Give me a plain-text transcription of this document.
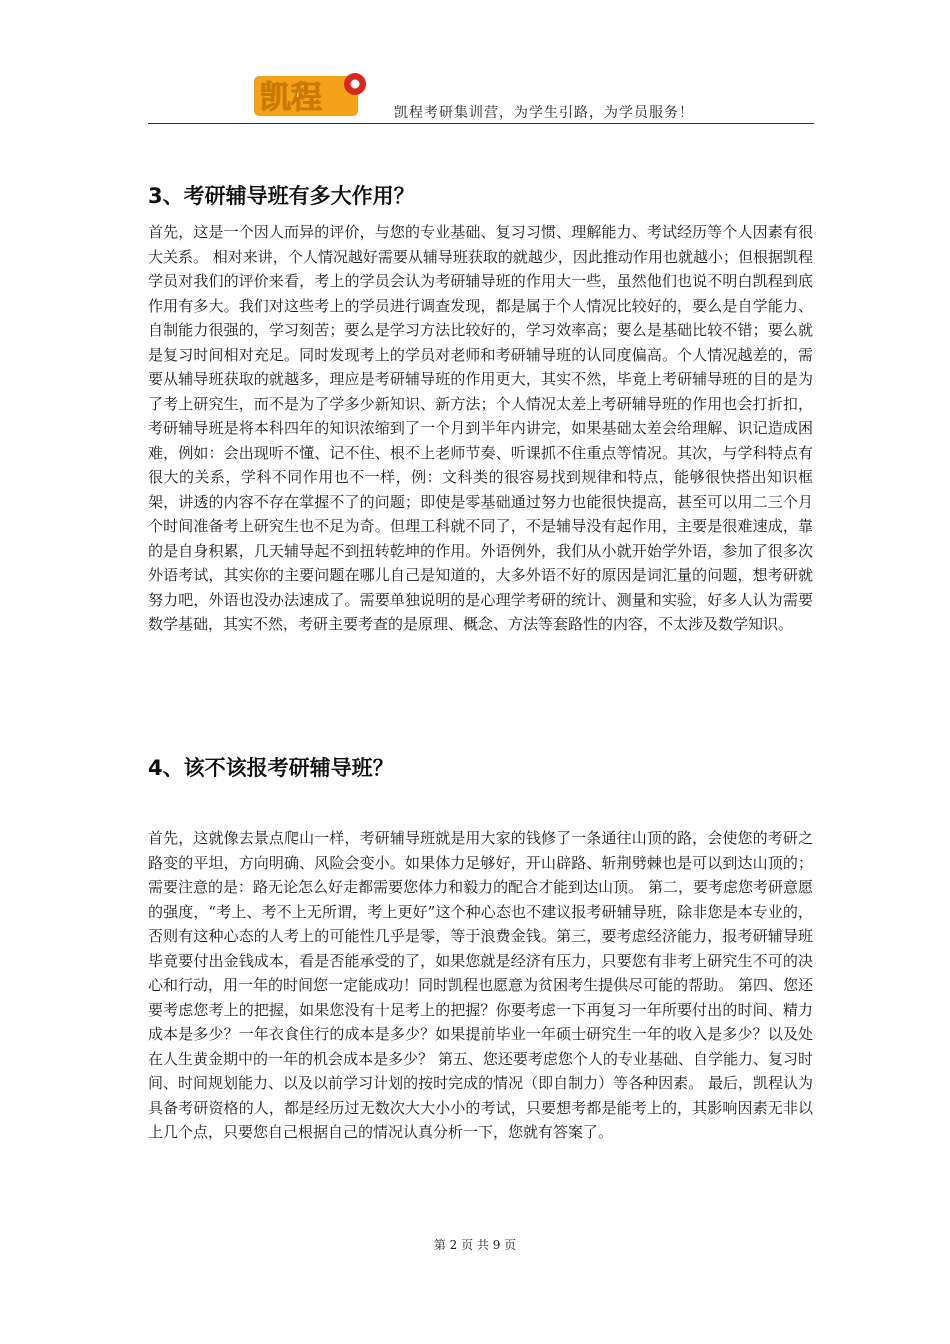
凯程	凯程考研集训营，为学生引路，为学员服务！
3、考研辅导班有多大作用？

首先，这是一个因人而异的评价，与您的专业基础、复习习惯、理解能力、考试经历等个人因素有很大关系。 相对来讲，个人情况越好需要从辅导班获取的就越少，因此推动作用也就越小；但根据凯程学员对我们的评价来看，考上的学员会认为考研辅导班的作用大一些，虽然他们也说不明白凯程到底作用有多大。我们对这些考上的学员进行调查发现，都是属于个人情况比较好的，要么是自学能力、自制能力很强的，学习刻苦；要么是学习方法比较好的，学习效率高；要么是基础比较不错；要么就是复习时间相对充足。同时发现考上的学员对老师和考研辅导班的认同度偏高。个人情况越差的，需要从辅导班获取的就越多，理应是考研辅导班的作用更大，其实不然，毕竟上考研辅导班的目的是为了考上研究生，而不是为了学多少新知识、新方法；个人情况太差上考研辅导班的作用也会打折扣，考研辅导班是将本科四年的知识浓缩到了一个月到半年内讲完，如果基础太差会给理解、识记造成困难，例如：会出现听不懂、记不住、根不上老师节奏、听课抓不住重点等情况。其次，与学科特点有很大的关系，学科不同作用也不一样，例：文科类的很容易找到规律和特点，能够很快搭出知识框架，讲透的内容不存在掌握不了的问题；即使是零基础通过努力也能很快提高，甚至可以用二三个月个时间准备考上研究生也不足为奇。但理工科就不同了，不是辅导没有起作用，主要是很难速成，靠的是自身积累，几天辅导起不到扭转乾坤的作用。外语例外，我们从小就开始学外语，参加了很多次外语考试，其实你的主要问题在哪儿自己是知道的，大多外语不好的原因是词汇量的问题，想考研就努力吧，外语也没办法速成了。需要单独说明的是心理学考研的统计、测量和实验，好多人认为需要数学基础，其实不然，考研主要考查的是原理、概念、方法等套路性的内容，不太涉及数学知识。

4、该不该报考研辅导班？

首先，这就像去景点爬山一样，考研辅导班就是用大家的钱修了一条通往山顶的路，会使您的考研之路变的平坦，方向明确、风险会变小。如果体力足够好，开山辟路、斩荆劈棘也是可以到达山顶的；需要注意的是：路无论怎么好走都需要您体力和毅力的配合才能到达山顶。 第二，要考虑您考研意愿的强度，“考上、考不上无所谓，考上更好”这个种心态也不建议报考研辅导班，除非您是本专业的，否则有这种心态的人考上的可能性几乎是零，等于浪费金钱。第三，要考虑经济能力，报考研辅导班毕竟要付出金钱成本，看是否能承受的了，如果您就是经济有压力，只要您有非考上研究生不可的决心和行动，用一年的时间您一定能成功！同时凯程也愿意为贫困考生提供尽可能的帮助。 第四、您还要考虑您考上的把握，如果您没有十足考上的把握？你要考虑一下再复习一年所要付出的时间、精力成本是多少？一年衣食住行的成本是多少？如果提前毕业一年硕士研究生一年的收入是多少？以及处在人生黄金期中的一年的机会成本是多少？ 第五、您还要考虑您个人的专业基础、自学能力、复习时间、时间规划能力、以及以前学习计划的按时完成的情况（即自制力）等各种因素。 最后，凯程认为具备考研资格的人，都是经历过无数次大大小小的考试，只要想考都是能考上的，其影响因素无非以上几个点，只要您自己根据自己的情况认真分析一下，您就有答案了。

第 2 页 共 9 页
